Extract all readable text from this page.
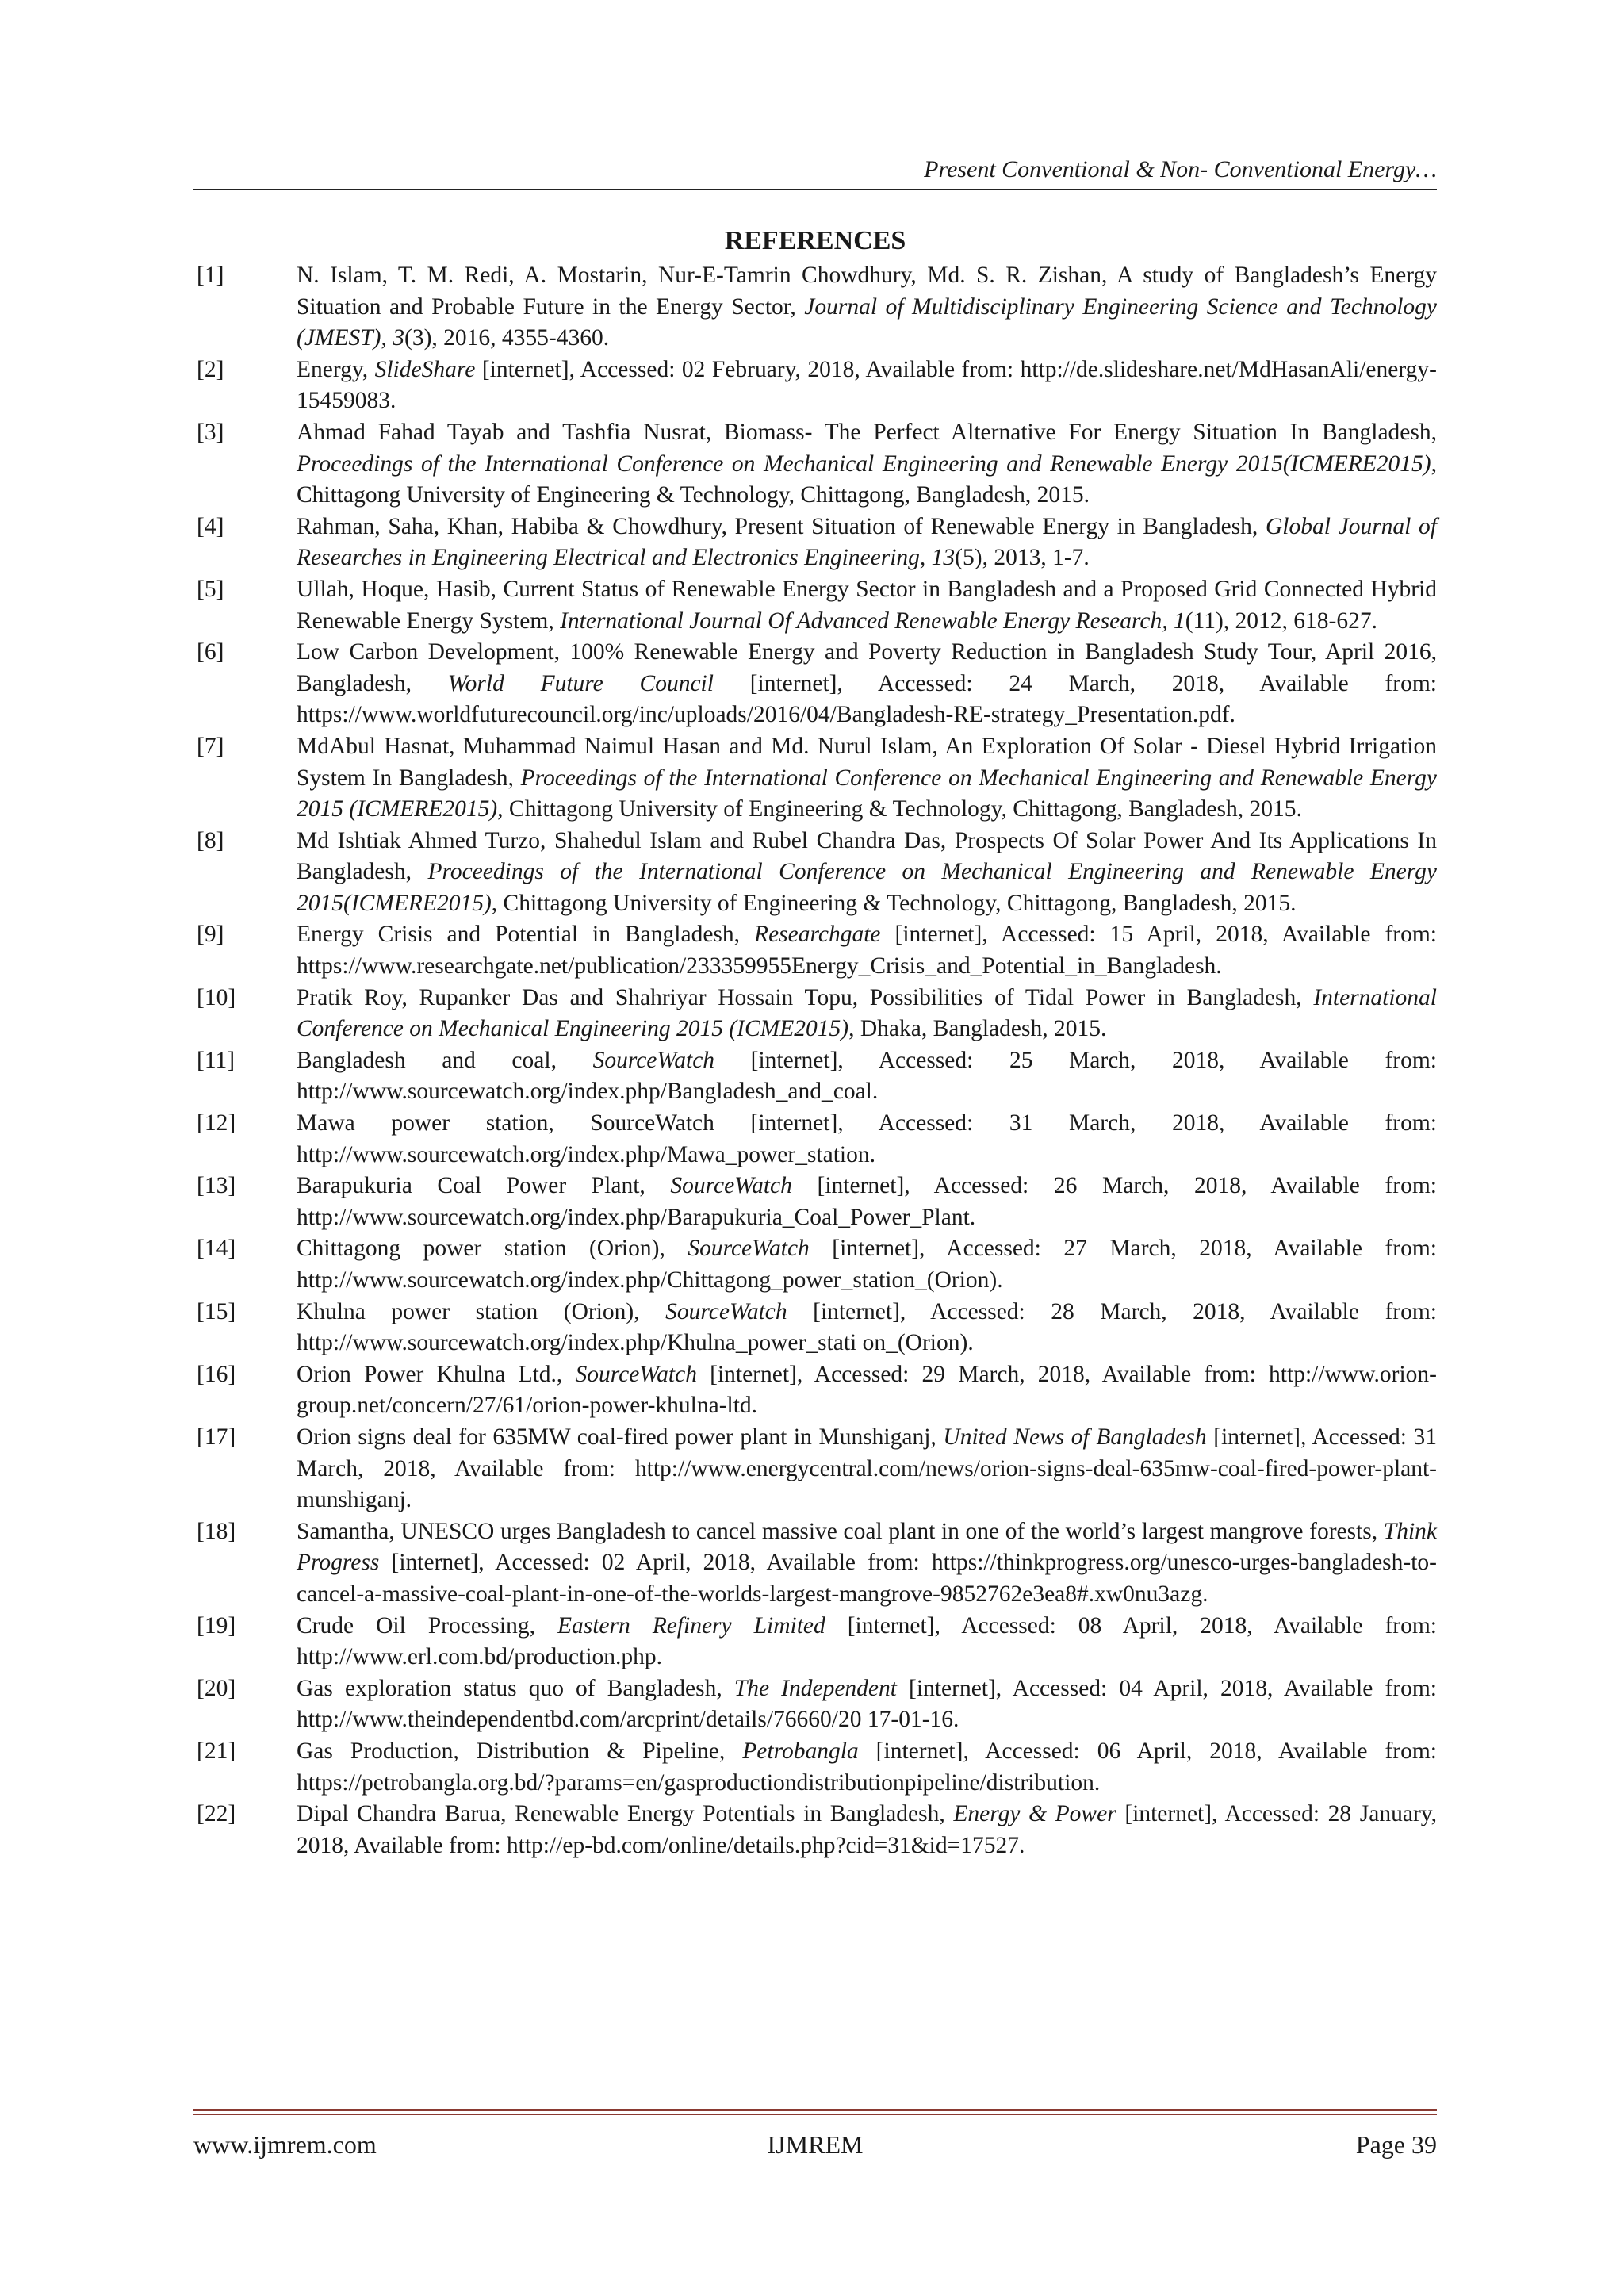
Present Conventional & Non- Conventional Energy…
REFERENCES
[1]	N. Islam, T. M. Redi, A. Mostarin, Nur-E-Tamrin Chowdhury, Md. S. R. Zishan, A study of Bangladesh’s Energy Situation and Probable Future in the Energy Sector, Journal of Multidisciplinary Engineering Science and Technology (JMEST), 3(3), 2016, 4355-4360.
[2]	Energy, SlideShare [internet], Accessed: 02 February, 2018, Available from: http://de.slideshare.net/MdHasanAli/energy-15459083.
[3]	Ahmad Fahad Tayab and Tashfia Nusrat, Biomass- The Perfect Alternative For Energy Situation In Bangladesh, Proceedings of the International Conference on Mechanical Engineering and Renewable Energy 2015(ICMERE2015), Chittagong University of Engineering & Technology, Chittagong, Bangladesh, 2015.
[4]	Rahman, Saha, Khan, Habiba & Chowdhury, Present Situation of Renewable Energy in Bangladesh, Global Journal of Researches in Engineering Electrical and Electronics Engineering, 13(5), 2013, 1-7.
[5]	Ullah, Hoque, Hasib, Current Status of Renewable Energy Sector in Bangladesh and a Proposed Grid Connected Hybrid Renewable Energy System, International Journal Of Advanced Renewable Energy Research, 1(11), 2012, 618-627.
[6]	Low Carbon Development, 100% Renewable Energy and Poverty Reduction in Bangladesh Study Tour, April 2016, Bangladesh, World Future Council [internet], Accessed: 24 March, 2018, Available from: https://www.worldfuturecouncil.org/inc/uploads/2016/04/Bangladesh-RE-strategy_Presentation.pdf.
[7]	MdAbul Hasnat, Muhammad Naimul Hasan and Md. Nurul Islam, An Exploration Of Solar - Diesel Hybrid Irrigation System In Bangladesh, Proceedings of the International Conference on Mechanical Engineering and Renewable Energy 2015 (ICMERE2015), Chittagong University of Engineering & Technology, Chittagong, Bangladesh, 2015.
[8]	Md Ishtiak Ahmed Turzo, Shahedul Islam and Rubel Chandra Das, Prospects Of Solar Power And Its Applications In Bangladesh, Proceedings of the International Conference on Mechanical Engineering and Renewable Energy 2015(ICMERE2015), Chittagong University of Engineering & Technology, Chittagong, Bangladesh, 2015.
[9]	Energy Crisis and Potential in Bangladesh, Researchgate [internet], Accessed: 15 April, 2018, Available from: https://www.researchgate.net/publication/233359955Energy_Crisis_and_Potential_in_Bangladesh.
[10]	Pratik Roy, Rupanker Das and Shahriyar Hossain Topu, Possibilities of Tidal Power in Bangladesh, International Conference on Mechanical Engineering 2015 (ICME2015), Dhaka, Bangladesh, 2015.
[11]	Bangladesh and coal, SourceWatch [internet], Accessed: 25 March, 2018, Available from: http://www.sourcewatch.org/index.php/Bangladesh_and_coal.
[12]	Mawa power station, SourceWatch [internet], Accessed: 31 March, 2018, Available from: http://www.sourcewatch.org/index.php/Mawa_power_station.
[13]	Barapukuria Coal Power Plant, SourceWatch [internet], Accessed: 26 March, 2018, Available from: http://www.sourcewatch.org/index.php/Barapukuria_Coal_Power_Plant.
[14]	Chittagong power station (Orion), SourceWatch [internet], Accessed: 27 March, 2018, Available from: http://www.sourcewatch.org/index.php/Chittagong_power_station_(Orion).
[15]	Khulna power station (Orion), SourceWatch [internet], Accessed: 28 March, 2018, Available from: http://www.sourcewatch.org/index.php/Khulna_power_stati on_(Orion).
[16]	Orion Power Khulna Ltd., SourceWatch [internet], Accessed: 29 March, 2018, Available from: http://www.orion-group.net/concern/27/61/orion-power-khulna-ltd.
[17]	Orion signs deal for 635MW coal-fired power plant in Munshiganj, United News of Bangladesh [internet], Accessed: 31 March, 2018, Available from: http://www.energycentral.com/news/orion-signs-deal-635mw-coal-fired-power-plant-munshiganj.
[18]	Samantha, UNESCO urges Bangladesh to cancel massive coal plant in one of the world’s largest mangrove forests, Think Progress [internet], Accessed: 02 April, 2018, Available from: https://thinkprogress.org/unesco-urges-bangladesh-to-cancel-a-massive-coal-plant-in-one-of-the-worlds-largest-mangrove-9852762e3ea8#.xw0nu3azg.
[19]	Crude Oil Processing, Eastern Refinery Limited [internet], Accessed: 08 April, 2018, Available from: http://www.erl.com.bd/production.php.
[20]	Gas exploration status quo of Bangladesh, The Independent [internet], Accessed: 04 April, 2018, Available from: http://www.theindependentbd.com/arcprint/details/76660/20 17-01-16.
[21]	Gas Production, Distribution & Pipeline, Petrobangla [internet], Accessed: 06 April, 2018, Available from: https://petrobangla.org.bd/?params=en/gasproductiondistributionpipeline/distribution.
[22]	Dipal Chandra Barua, Renewable Energy Potentials in Bangladesh, Energy & Power [internet], Accessed: 28 January, 2018, Available from: http://ep-bd.com/online/details.php?cid=31&id=17527.
www.ijmrem.com	IJMREM	Page 39
